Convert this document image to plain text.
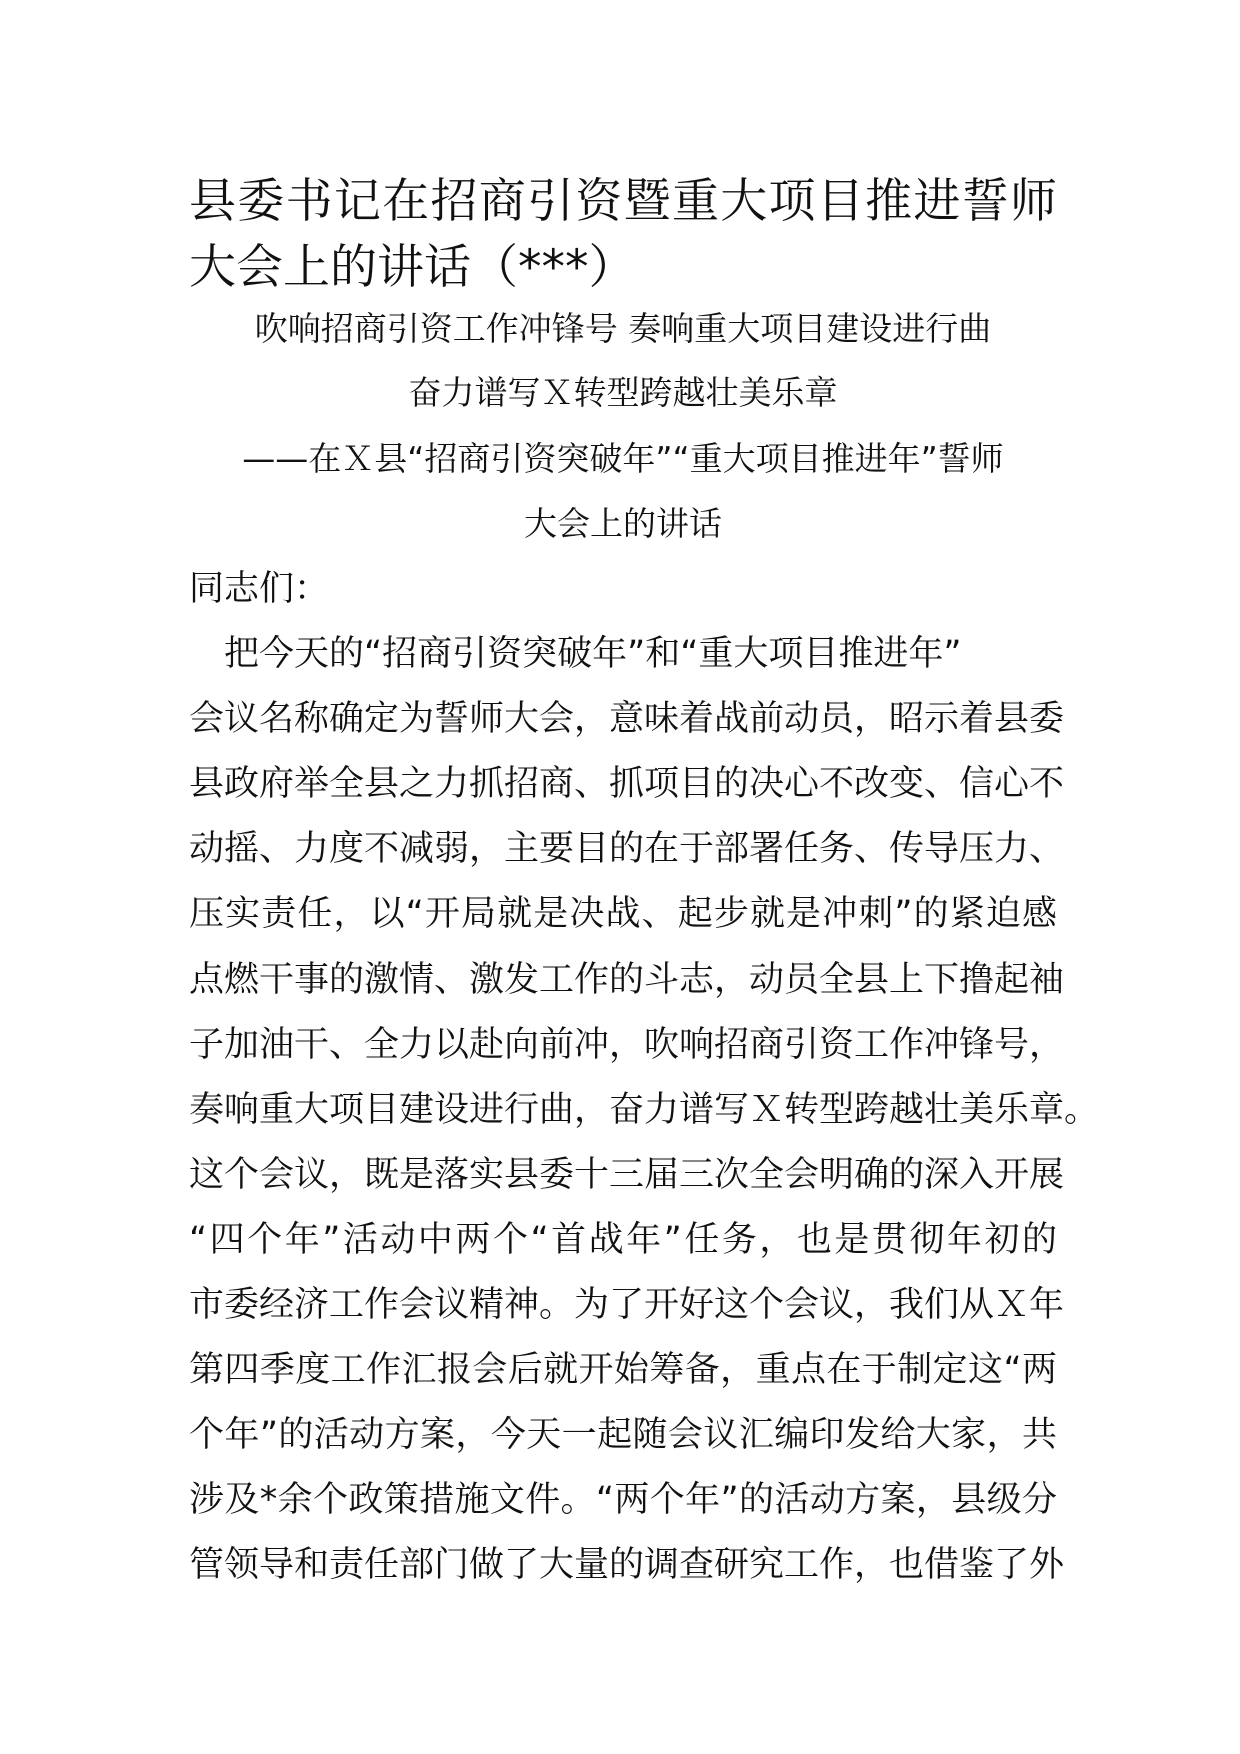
县委书记在招商引资暨重大项目推进誓师
大会上的讲话（***）
吹响招商引资工作冲锋号 奏响重大项目建设进行曲
奋力谱写Ｘ转型跨越壮美乐章
——在Ｘ县“招商引资突破年”“重大项目推进年”誓师
大会上的讲话
同志们：
　把今天的“招商引资突破年”和“重大项目推进年”
会议名称确定为誓师大会，意味着战前动员，昭示着县委
县政府举全县之力抓招商、抓项目的决心不改变、信心不
动摇、力度不减弱，主要目的在于部署任务、传导压力、
压实责任，以“开局就是决战、起步就是冲刺”的紧迫感
点燃干事的激情、激发工作的斗志，动员全县上下撸起袖
子加油干、全力以赴向前冲，吹响招商引资工作冲锋号，
奏响重大项目建设进行曲，奋力谱写Ｘ转型跨越壮美乐章。
这个会议，既是落实县委十三届三次全会明确的深入开展
“四个年”活动中两个“首战年”任务，也是贯彻年初的
市委经济工作会议精神。为了开好这个会议，我们从Ｘ年
第四季度工作汇报会后就开始筹备，重点在于制定这“两
个年”的活动方案，今天一起随会议汇编印发给大家，共
涉及*余个政策措施文件。“两个年”的活动方案，县级分
管领导和责任部门做了大量的调查研究工作，也借鉴了外
